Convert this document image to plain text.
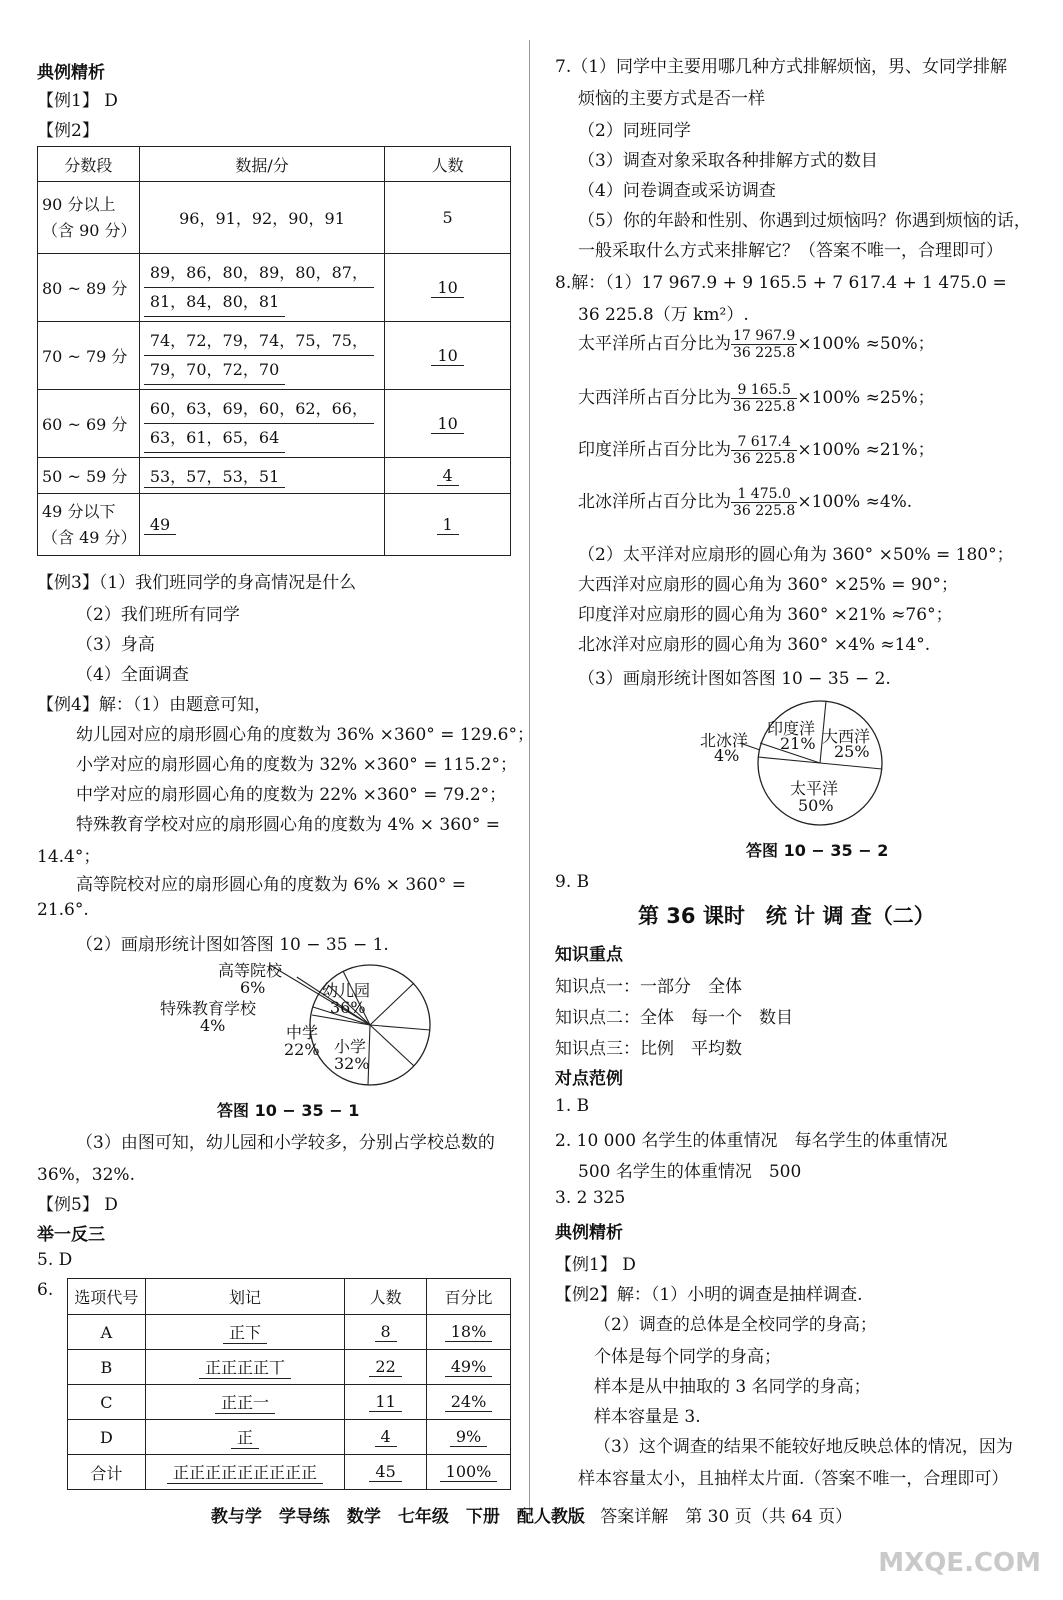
典例精析
【例1】 D
【例2】
分数段	数据/分	人数
90 分以上
（含 90 分）	96，91，92，90，91	5
80 ~ 89 分	89，86，80，89，80，87，
81，84，80，81	10
70 ~ 79 分	74，72，79，74，75，75，
79，70，72，70	10
60 ~ 69 分	60，63，69，60，62，66，
63，61，65，64	10
50 ~ 59 分	53，57，53，51	4
49 分以下
（含 49 分）	49	1
【例3】（1）我们班同学的身高情况是什么
（2）我们班所有同学
（3）身高
（4）全面调查
【例4】解：（1）由题意可知，
幼儿园对应的扇形圆心角的度数为 36% ×360° = 129.6°；
小学对应的扇形圆心角的度数为 32% ×360° = 115.2°；
中学对应的扇形圆心角的度数为 22% ×360° = 79.2°；
特殊教育学校对应的扇形圆心角的度数为 4% × 360° =
14.4°；
高等院校对应的扇形圆心角的度数为 6% × 360° =
21.6°.
（2）画扇形统计图如答图 10 − 35 − 1.
幼儿园
36%
小学
32%
中学
22%
特殊教育学校
4%
高等院校
6%
答图 10 − 35 − 1
（3）由图可知，幼儿园和小学较多，分别占学校总数的
36%，32%.
【例5】 D
举一反三
5. D
6. 选项代号	划记	人数	百分比
A	正下	8	18%
B	正正正正丅	22	49%
C	正正一	11	24%
D	正	4	9%
合计	正正正正正正正正正	45	100%
7.（1）同学中主要用哪几种方式排解烦恼，男、女同学排解
烦恼的主要方式是否一样
（2）同班同学
（3）调查对象采取各种排解方式的数目
（4）问卷调查或采访调查
（5）你的年龄和性别、你遇到过烦恼吗？你遇到烦恼的话，
一般采取什么方式来排解它？（答案不唯一，合理即可）
8.解：（1）17 967.9 + 9 165.5 + 7 617.4 + 1 475.0 =
36 225.8（万 km²）.
太平洋所占百分比为 $\frac{17 967.9}{36 225.8} \times 100\% \approx 50\%$；
大西洋所占百分比为 $\frac{9 165.5}{36 225.8} \times 100\% \approx 25\%$；
印度洋所占百分比为 $\frac{7 617.4}{36 225.8} \times 100\% \approx 21\%$；
北冰洋所占百分比为 $\frac{1 475.0}{36 225.8} \times 100\% \approx 4\%$.
（2）太平洋对应扇形的圆心角为 360° ×50% = 180°；
大西洋对应扇形的圆心角为 360° ×25% = 90°；
印度洋对应扇形的圆心角为 360° ×21% ≈76°；
北冰洋对应扇形的圆心角为 360° ×4% ≈14°.
（3）画扇形统计图如答图 10 − 35 − 2.
印度洋
21% 大西洋
25%
太平洋
50%
北冰洋
4%
答图 10 − 35 − 2
9. B
第 36 课时　统 计 调 查（二）
知识重点
知识点一：一部分　全体
知识点二：全体　每一个　数目
知识点三：比例　平均数
对点范例
1. B
2. 10 000 名学生的体重情况　每名学生的体重情况
500 名学生的体重情况　500
3. 2 325
典例精析
【例1】 D
【例2】解：（1）小明的调查是抽样调查.
（2）调查的总体是全校同学的身高；
个体是每个同学的身高；
样本是从中抽取的 3 名同学的身高；
样本容量是 3.
（3）这个调查的结果不能较好地反映总体的情况，因为
样本容量太小，且抽样太片面.（答案不唯一，合理即可）
教与学　学导练　数学　七年级　下册　配人教版 答案详解　第 30 页（共 64 页）
MXQE.COM
